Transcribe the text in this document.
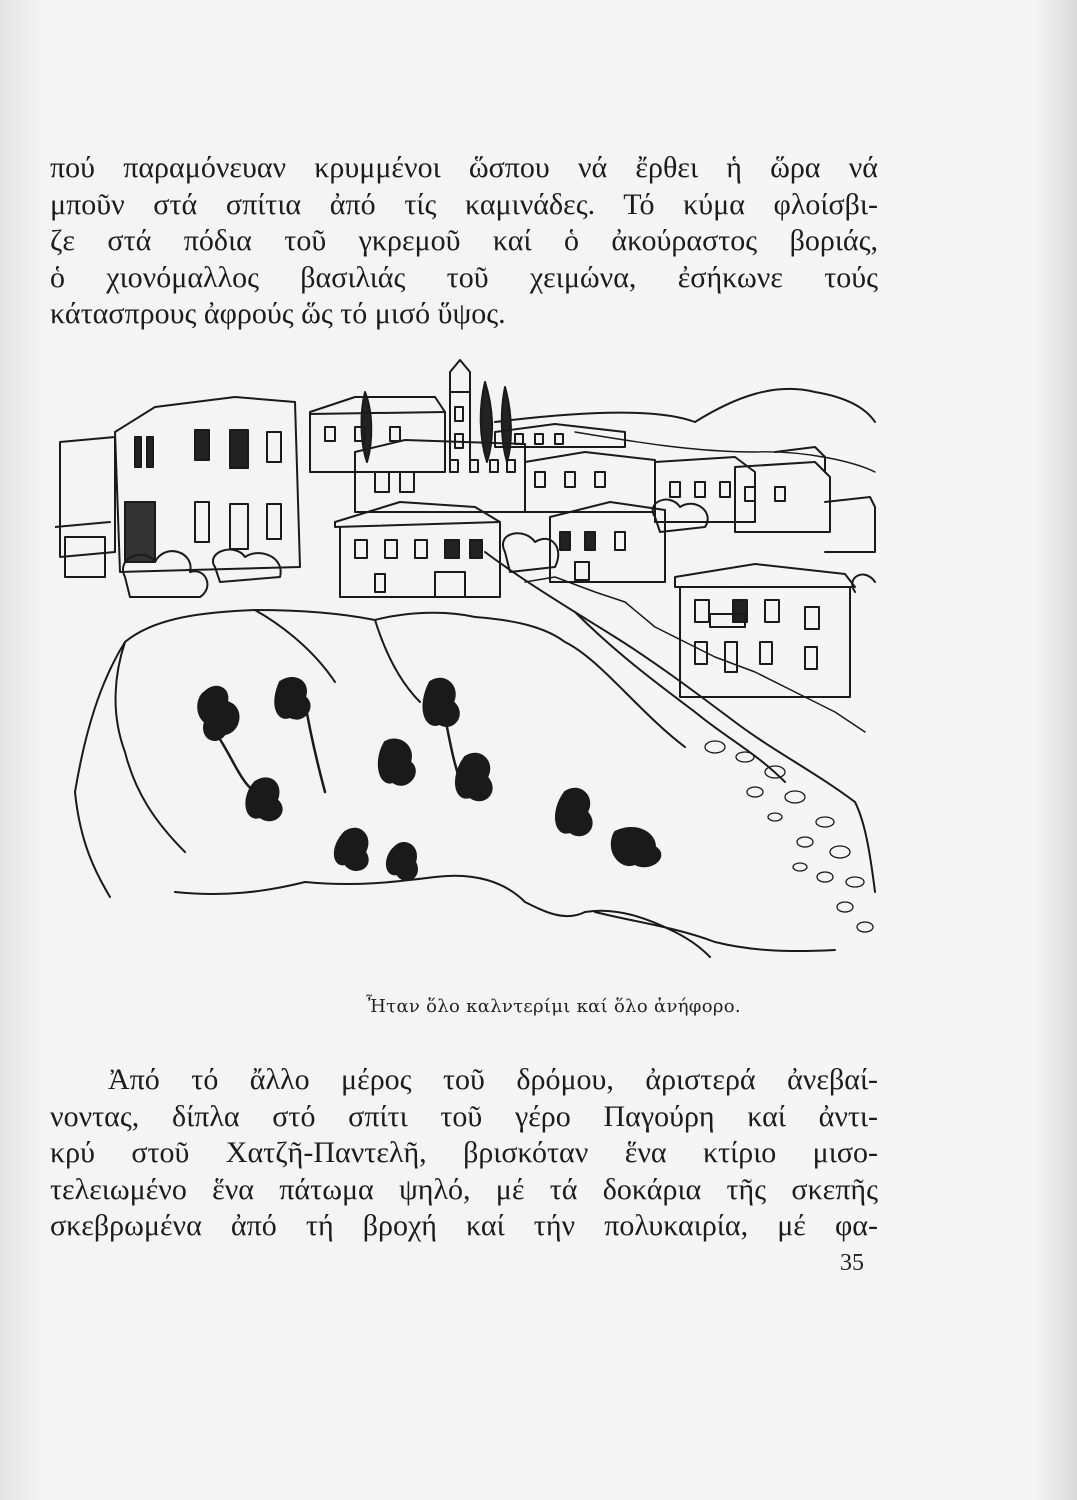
πού παραμόνευαν κρυμμένοι ὥσπου νά ἔρθει ἡ ὥρα νά
μποῦν στά σπίτια ἀπό τίς καμινάδες. Τό κύμα φλοίσβι-
ζε στά πόδια τοῦ γκρεμοῦ καί ὁ ἀκούραστος βοριάς,
ὁ χιονόμαλλος βασιλιάς τοῦ χειμώνα, ἐσήκωνε τούς
κάτασπρους ἀφρούς ὥς τό μισό ὕψος.

Ἦταν ὅλο καλντερίμι καί ὅλο ἀνήφορο.

Ἀπό τό ἄλλο μέρος τοῦ δρόμου, ἀριστερά ἀνεβαί-
νοντας, δίπλα στό σπίτι τοῦ γέρο Παγούρη καί ἀντι-
κρύ στοῦ Χατζῆ-Παντελῆ, βρισκόταν ἕνα κτίριο μισο-
τελειωμένο ἕνα πάτωμα ψηλό, μέ τά δοκάρια τῆς σκεπῆς
σκεβρωμένα ἀπό τή βροχή καί τήν πολυκαιρία, μέ φα-

35
